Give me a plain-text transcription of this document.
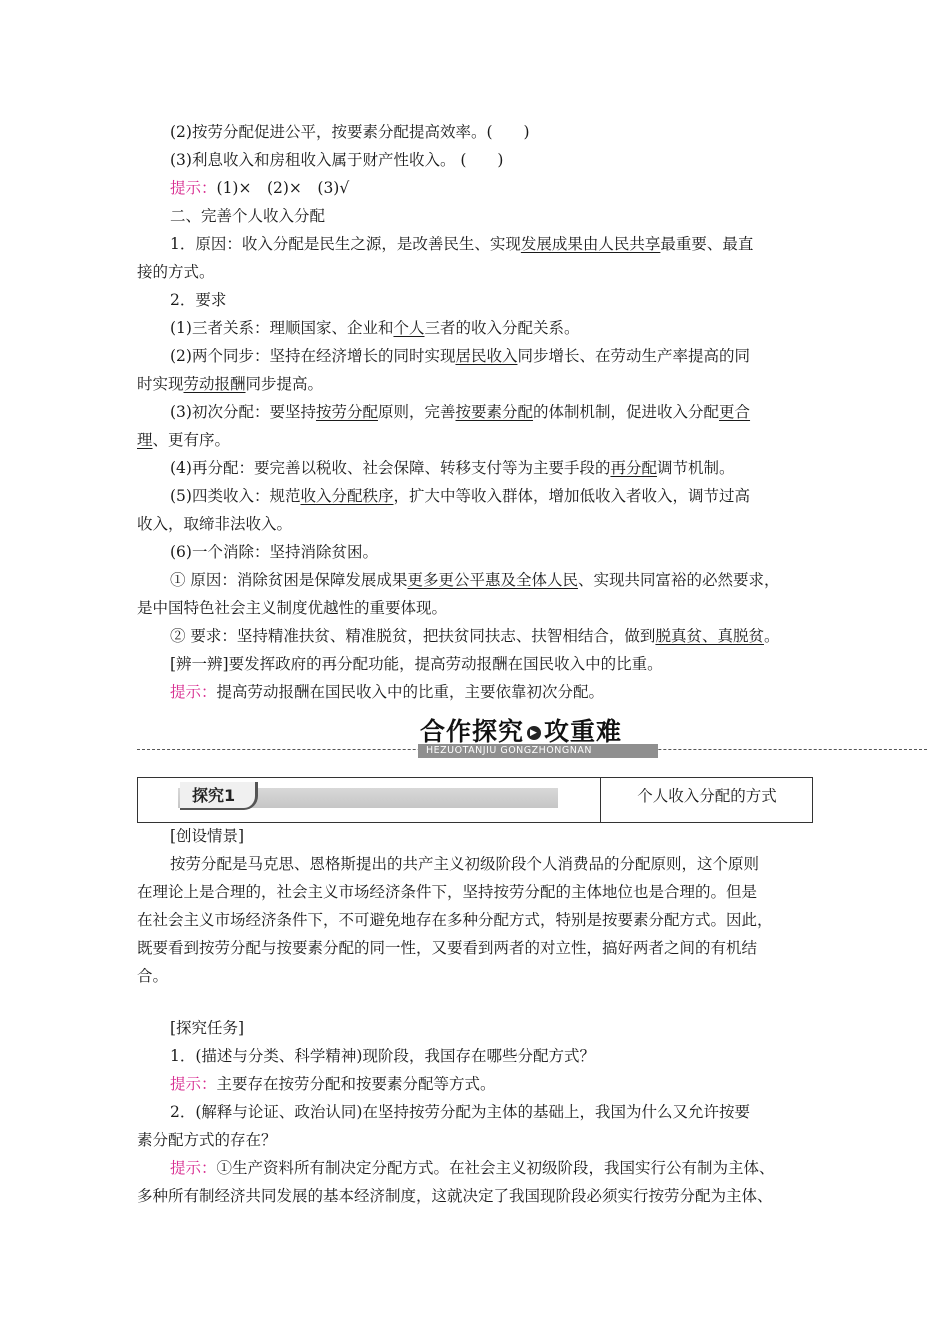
(2)按劳分配促进公平，按要素分配提高效率。(　　)
(3)利息收入和房租收入属于财产性收入。 (　　)
提示：(1)×　(2)×　(3)√
二、完善个人收入分配
1．原因：收入分配是民生之源，是改善民生、实现发展成果由人民共享最重要、最直
接的方式。
2．要求
(1)三者关系：理顺国家、企业和个人三者的收入分配关系。
(2)两个同步：坚持在经济增长的同时实现居民收入同步增长、在劳动生产率提高的同
时实现劳动报酬同步提高。
(3)初次分配：要坚持按劳分配原则，完善按要素分配的体制机制，促进收入分配更合
理、更有序。
(4)再分配：要完善以税收、社会保障、转移支付等为主要手段的再分配调节机制。
(5)四类收入：规范收入分配秩序，扩大中等收入群体，增加低收入者收入，调节过高
收入，取缔非法收入。
(6)一个消除：坚持消除贫困。
① 原因：消除贫困是保障发展成果更多更公平惠及全体人民、实现共同富裕的必然要求，
是中国特色社会主义制度优越性的重要体现。
② 要求：坚持精准扶贫、精准脱贫，把扶贫同扶志、扶智相结合，做到脱真贫、真脱贫。
[辨一辨]要发挥政府的再分配功能，提高劳动报酬在国民收入中的比重。
提示：提高劳动报酬在国民收入中的比重，主要依靠初次分配。
合作探究 ▶ 攻重难
HEZUOTANJIU GONGZHONGNAN
探究1	个人收入分配的方式
[创设情景]
按劳分配是马克思、恩格斯提出的共产主义初级阶段个人消费品的分配原则，这个原则
在理论上是合理的，社会主义市场经济条件下，坚持按劳分配的主体地位也是合理的。但是
在社会主义市场经济条件下，不可避免地存在多种分配方式，特别是按要素分配方式。因此，
既要看到按劳分配与按要素分配的同一性，又要看到两者的对立性，搞好两者之间的有机结
合。
[探究任务]
1．(描述与分类、科学精神)现阶段，我国存在哪些分配方式？
提示：主要存在按劳分配和按要素分配等方式。
2．(解释与论证、政治认同)在坚持按劳分配为主体的基础上，我国为什么又允许按要
素分配方式的存在？
提示：①生产资料所有制决定分配方式。在社会主义初级阶段，我国实行公有制为主体、
多种所有制经济共同发展的基本经济制度，这就决定了我国现阶段必须实行按劳分配为主体、
